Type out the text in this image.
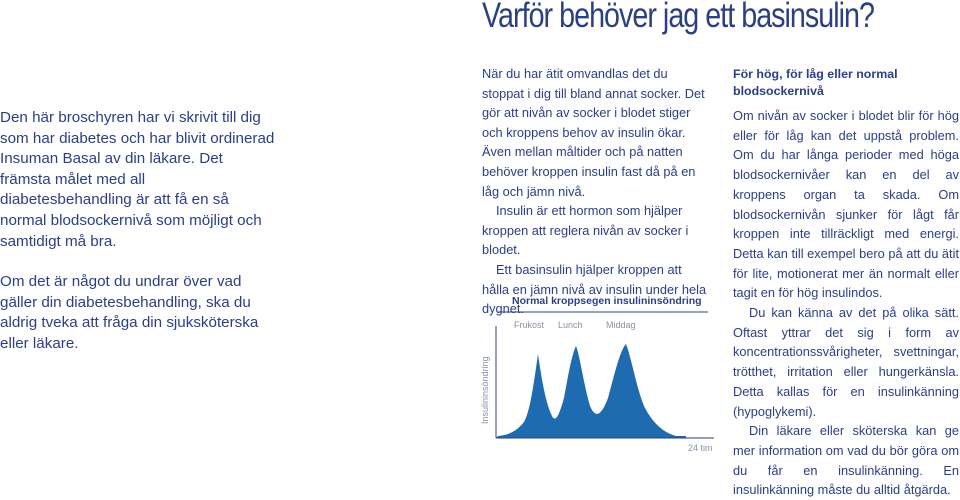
Varför behöver jag ett basinsulin?

Den här broschyren har vi skrivit till dig som har diabetes och har blivit ordinerad Insuman Basal av din läkare. Det främsta målet med all diabetesbehandling är att få en så normal blodsockernivå som möjligt och samtidigt må bra.

Om det är något du undrar över vad gäller din diabetesbehandling, ska du aldrig tveka att fråga din sjuksköterska eller läkare.

När du har ätit omvandlas det du stoppat i dig till bland annat socker. Det gör att nivån av socker i blodet stiger och kroppens behov av insulin ökar. Även mellan måltider och på natten behöver kroppen insulin fast då på en låg och jämn nivå.

Insulin är ett hormon som hjälper kroppen att reglera nivån av socker i blodet.

Ett basinsulin hjälper kroppen att hålla en jämn nivå av insulin under hela dygnet.

För hög, för låg eller normal blodsockernivå

Om nivån av socker i blodet blir för hög eller för låg kan det uppstå problem. Om du har långa perioder med höga blodsockernivåer kan en del av kroppens organ ta skada. Om blodsockernivån sjunker för lågt får kroppen inte tillräckligt med energi. Detta kan till exempel bero på att du ätit för lite, motionerat mer än normalt eller tagit en för hög insulindos.

Du kan känna av det på olika sätt. Oftast yttrar det sig i form av koncentrationssvårigheter, svettningar, trötthet, irritation eller hungerkänsla. Detta kallas för en insulinkänning (hypoglykemi).

Din läkare eller sköterska kan ge mer information om vad du bör göra om du får en insulinkänning. En insulinkänning måste du alltid åtgärda.

Normal kroppsegen insulininsöndring
Frukost Lunch	Middag
Insulininsöndring
24 tim
